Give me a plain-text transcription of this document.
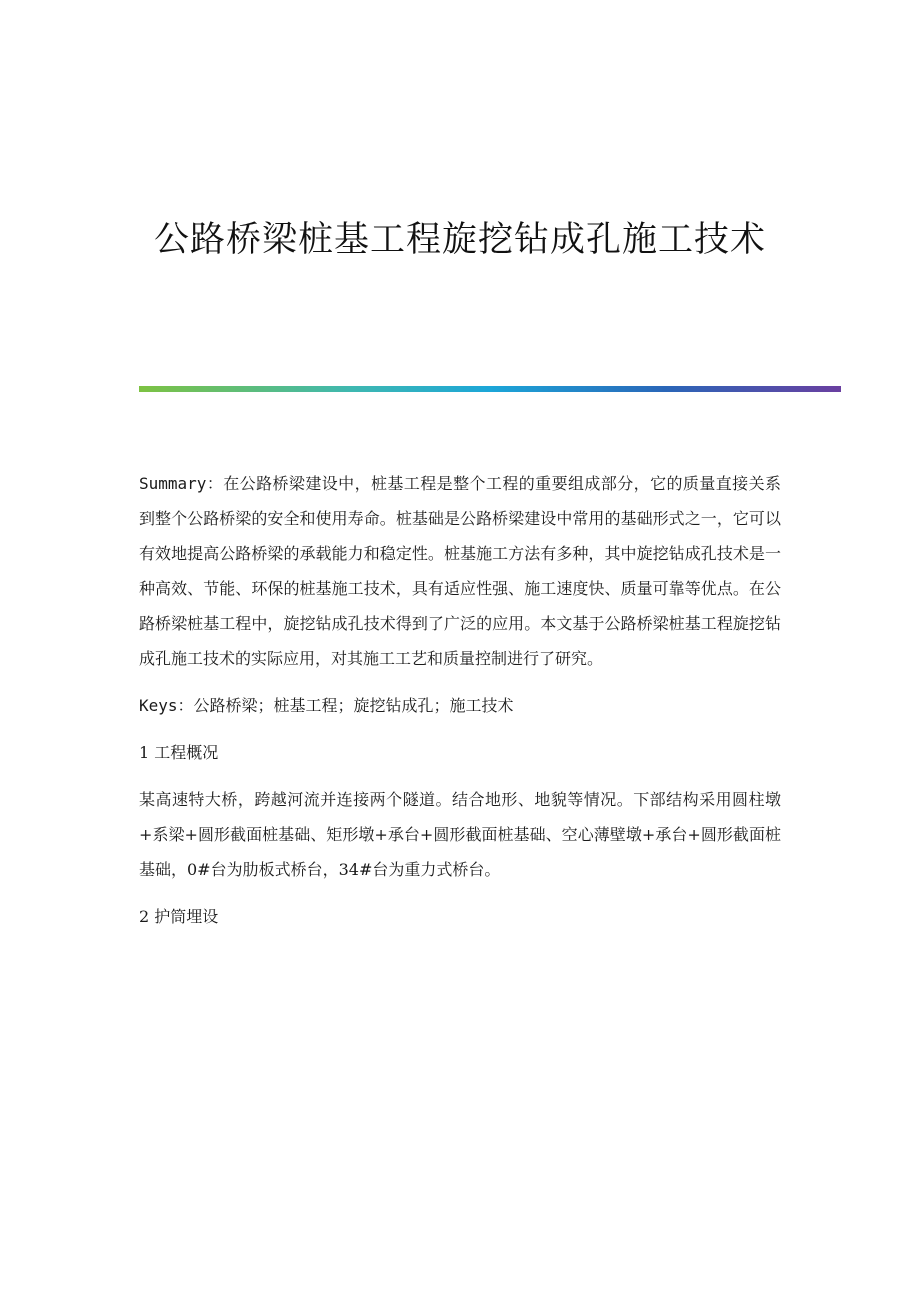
公路桥梁桩基工程旋挖钻成孔施工技术

Summary：在公路桥梁建设中，桩基工程是整个工程的重要组成部分，它的质量直接关系到整个公路桥梁的安全和使用寿命。桩基础是公路桥梁建设中常用的基础形式之一，它可以有效地提高公路桥梁的承载能力和稳定性。桩基施工方法有多种，其中旋挖钻成孔技术是一种高效、节能、环保的桩基施工技术，具有适应性强、施工速度快、质量可靠等优点。在公路桥梁桩基工程中，旋挖钻成孔技术得到了广泛的应用。本文基于公路桥梁桩基工程旋挖钻成孔施工技术的实际应用，对其施工工艺和质量控制进行了研究。

Keys：公路桥梁；桩基工程；旋挖钻成孔；施工技术

1 工程概况

某高速特大桥，跨越河流并连接两个隧道。结合地形、地貌等情况。下部结构采用圆柱墩+系梁+圆形截面桩基础、矩形墩+承台+圆形截面桩基础、空心薄壁墩+承台+圆形截面桩基础，0#台为肋板式桥台，34#台为重力式桥台。

2 护筒埋设
